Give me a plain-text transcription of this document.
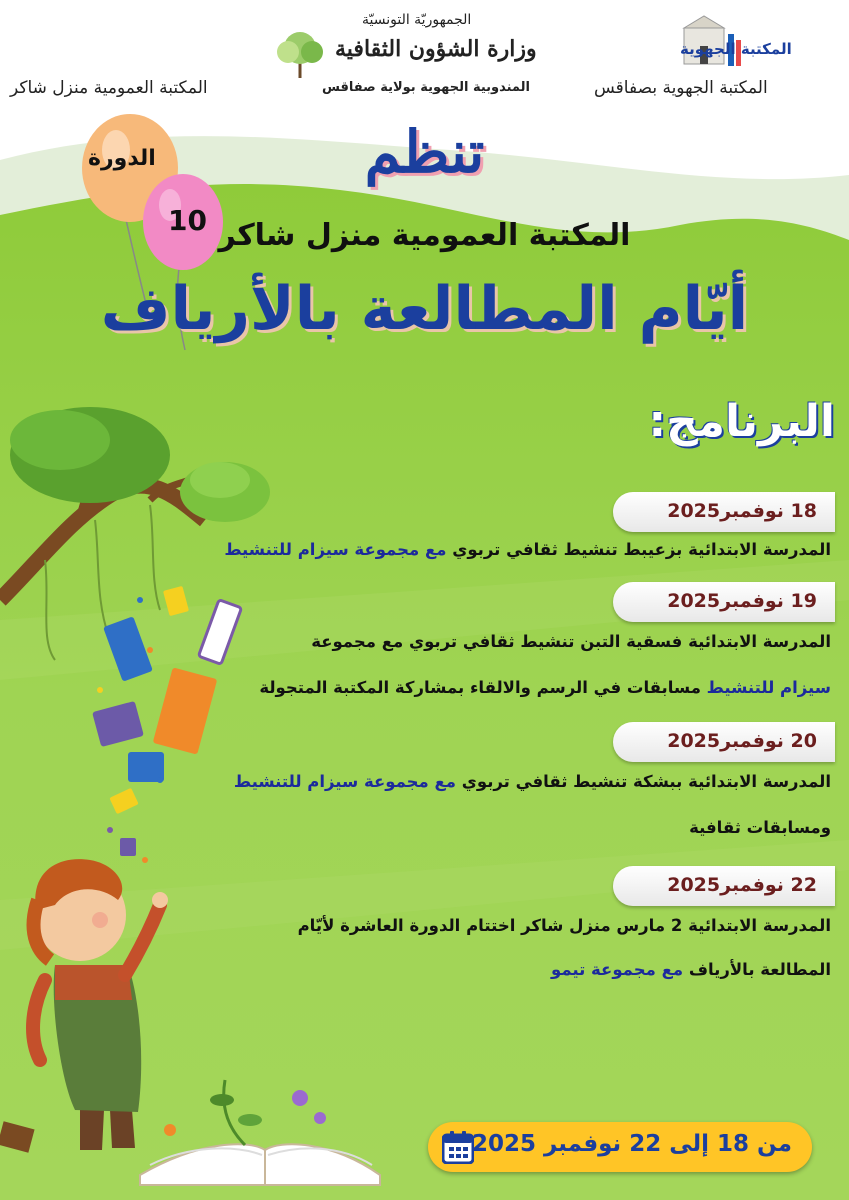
الجمهوريّة التونسيّة
وزارة الشؤون الثقافية
المندوبية الجهوية بولاية صفاقس
المكتبة الجهوية
المكتبة العمومية منزل شاكر	المكتبة الجهوية بصفاقس
تنظم
المكتبة العمومية منزل شاكر
أيّام المطالعة بالأرياف
الدورة
10
البرنامج:
18 نوفمبر2025
المدرسة الابتدائية بزعيبط تنشيط ثقافي تربوي مع مجموعة سيزام للتنشيط
19 نوفمبر2025
المدرسة الابتدائية فسقية التبن تنشيط ثقافي تربوي مع مجموعة
سيزام للتنشيط مسابقات في الرسم والالقاء بمشاركة المكتبة المتجولة
20 نوفمبر2025
المدرسة الابتدائية ببشكة تنشيط ثقافي تربوي مع مجموعة سيزام للتنشيط
ومسابقات ثقافية
22 نوفمبر2025
المدرسة الابتدائية 2 مارس منزل شاكر اختتام الدورة العاشرة لأيّام
المطالعة بالأرياف مع مجموعة تيمو
من 18 إلى 22 نوفمبر 2025
